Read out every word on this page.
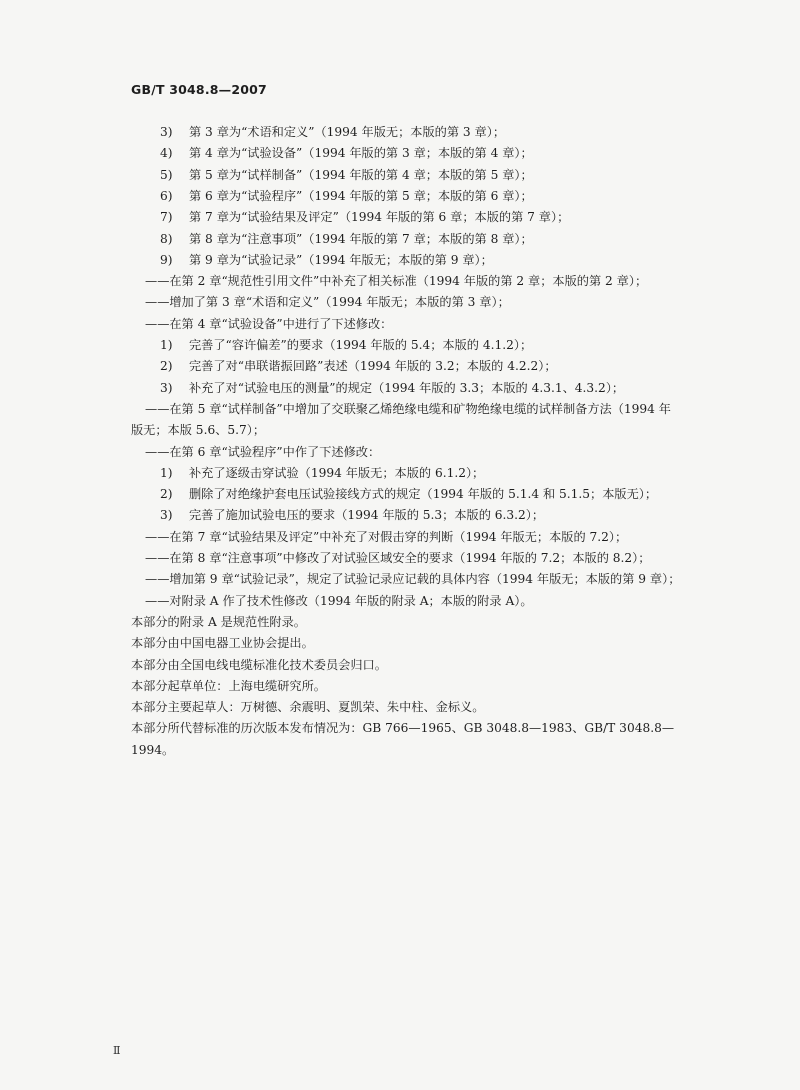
GB/T 3048.8—2007
3) 第 3 章为“术语和定义”（1994 年版无；本版的第 3 章）；
4) 第 4 章为“试验设备”（1994 年版的第 3 章；本版的第 4 章）；
5) 第 5 章为“试样制备”（1994 年版的第 4 章；本版的第 5 章）；
6) 第 6 章为“试验程序”（1994 年版的第 5 章；本版的第 6 章）；
7) 第 7 章为“试验结果及评定”（1994 年版的第 6 章；本版的第 7 章）；
8) 第 8 章为“注意事项”（1994 年版的第 7 章；本版的第 8 章）；
9) 第 9 章为“试验记录”（1994 年版无；本版的第 9 章）；
——在第 2 章“规范性引用文件”中补充了相关标准（1994 年版的第 2 章；本版的第 2 章）；
——增加了第 3 章“术语和定义”（1994 年版无；本版的第 3 章）；
——在第 4 章“试验设备”中进行了下述修改：
1) 完善了“容许偏差”的要求（1994 年版的 5.4；本版的 4.1.2）；
2) 完善了对“串联谐振回路”表述（1994 年版的 3.2；本版的 4.2.2）；
3) 补充了对“试验电压的测量”的规定（1994 年版的 3.3；本版的 4.3.1、4.3.2）；
——在第 5 章“试样制备”中增加了交联聚乙烯绝缘电缆和矿物绝缘电缆的试样制备方法（1994 年
版无；本版 5.6、5.7）；
——在第 6 章“试验程序”中作了下述修改：
1) 补充了逐级击穿试验（1994 年版无；本版的 6.1.2）；
2) 删除了对绝缘护套电压试验接线方式的规定（1994 年版的 5.1.4 和 5.1.5；本版无）；
3) 完善了施加试验电压的要求（1994 年版的 5.3；本版的 6.3.2）；
——在第 7 章“试验结果及评定”中补充了对假击穿的判断（1994 年版无；本版的 7.2）；
——在第 8 章“注意事项”中修改了对试验区域安全的要求（1994 年版的 7.2；本版的 8.2）；
——增加第 9 章“试验记录”，规定了试验记录应记载的具体内容（1994 年版无；本版的第 9 章）；
——对附录 A 作了技术性修改（1994 年版的附录 A；本版的附录 A）。
本部分的附录 A 是规范性附录。
本部分由中国电器工业协会提出。
本部分由全国电线电缆标准化技术委员会归口。
本部分起草单位：上海电缆研究所。
本部分主要起草人：万树德、余震明、夏凯荣、朱中柱、金标义。
本部分所代替标准的历次版本发布情况为：GB 766—1965、GB 3048.8—1983、GB/T 3048.8—
1994。
Ⅱ
